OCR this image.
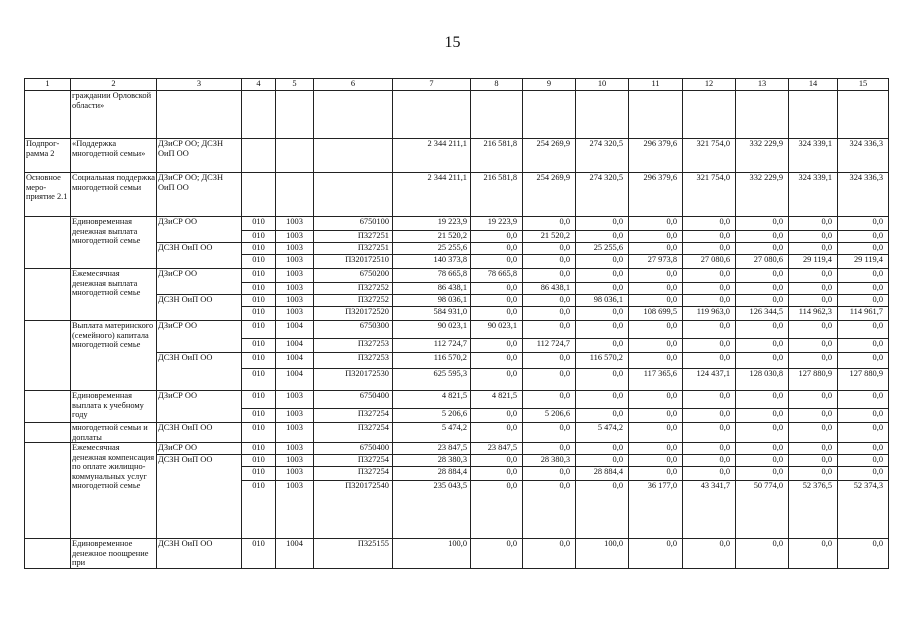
15
1	2	3	4	5	6	7	8	9	10	11	12	13	14	15
	граждании Орловской области»													
Подпрог-рамма 2	«Поддержка многодетной семьи»	ДЗиСР ОО; ДСЗН ОиП ОО				2 344 211,1	216 581,8	254 269,9	274 320,5	296 379,6	321 754,0	332 229,9	324 339,1	324 336,3
Основное меро-приятие 2.1	Социальная поддержка многодетной семьи	ДЗиСР ОО; ДСЗН ОиП ОО				2 344 211,1	216 581,8	254 269,9	274 320,5	296 379,6	321 754,0	332 229,9	324 339,1	324 336,3
	Единовременная денежная выплата многодетной семье	ДЗиСР ОО	010	1003	6750100	19 223,9	19 223,9	0,0	0,0	0,0	0,0	0,0	0,0	0,0
			010	1003	П327251	21 520,2	0,0	21 520,2	0,0	0,0	0,0	0,0	0,0	0,0
		ДСЗН ОиП ОО	010	1003	П327251	25 255,6	0,0	0,0	25 255,6	0,0	0,0	0,0	0,0	0,0
			010	1003	П320172510	140 373,8	0,0	0,0	0,0	27 973,8	27 080,6	27 080,6	29 119,4	29 119,4
	Ежемесячная денежная выплата многодетной семье	ДЗиСР ОО	010	1003	6750200	78 665,8	78 665,8	0,0	0,0	0,0	0,0	0,0	0,0	0,0
			010	1003	П327252	86 438,1	0,0	86 438,1	0,0	0,0	0,0	0,0	0,0	0,0
		ДСЗН ОиП ОО	010	1003	П327252	98 036,1	0,0	0,0	98 036,1	0,0	0,0	0,0	0,0	0,0
			010	1003	П320172520	584 931,0	0,0	0,0	0,0	108 699,5	119 963,0	126 344,5	114 962,3	114 961,7
	Выплата материнского (семейного) капитала многодетной семье	ДЗиСР ОО	010	1004	6750300	90 023,1	90 023,1	0,0	0,0	0,0	0,0	0,0	0,0	0,0
			010	1004	П327253	112 724,7	0,0	112 724,7	0,0	0,0	0,0	0,0	0,0	0,0
		ДСЗН ОиП ОО	010	1004	П327253	116 570,2	0,0	0,0	116 570,2	0,0	0,0	0,0	0,0	0,0
			010	1004	П320172530	625 595,3	0,0	0,0	0,0	117 365,6	124 437,1	128 030,8	127 880,9	127 880,9
	Единовременная выплата к учебному году	ДЗиСР ОО	010	1003	6750400	4 821,5	4 821,5	0,0	0,0	0,0	0,0	0,0	0,0	0,0
			010	1003	П327254	5 206,6	0,0	5 206,6	0,0	0,0	0,0	0,0	0,0	0,0
	многодетной семьи и доплаты	ДСЗН ОиП ОО	010	1003	П327254	5 474,2	0,0	0,0	5 474,2	0,0	0,0	0,0	0,0	0,0
	Ежемесячная денежная компенсация по оплате жилищно-коммунальных услуг многодетной семье	ДЗиСР ОО	010	1003	6750400	23 847,5	23 847,5	0,0	0,0	0,0	0,0	0,0	0,0	0,0
		ДСЗН ОиП ОО	010	1003	П327254	28 380,3	0,0	28 380,3	0,0	0,0	0,0	0,0	0,0	0,0
			010	1003	П327254	28 884,4	0,0	0,0	28 884,4	0,0	0,0	0,0	0,0	0,0
			010	1003	П320172540	235 043,5	0,0	0,0	0,0	36 177,0	43 341,7	50 774,0	52 376,5	52 374,3
	Единовременное денежное поощрение при	ДСЗН ОиП ОО	010	1004	П325155	100,0	0,0	0,0	100,0	0,0	0,0	0,0	0,0	0,0
